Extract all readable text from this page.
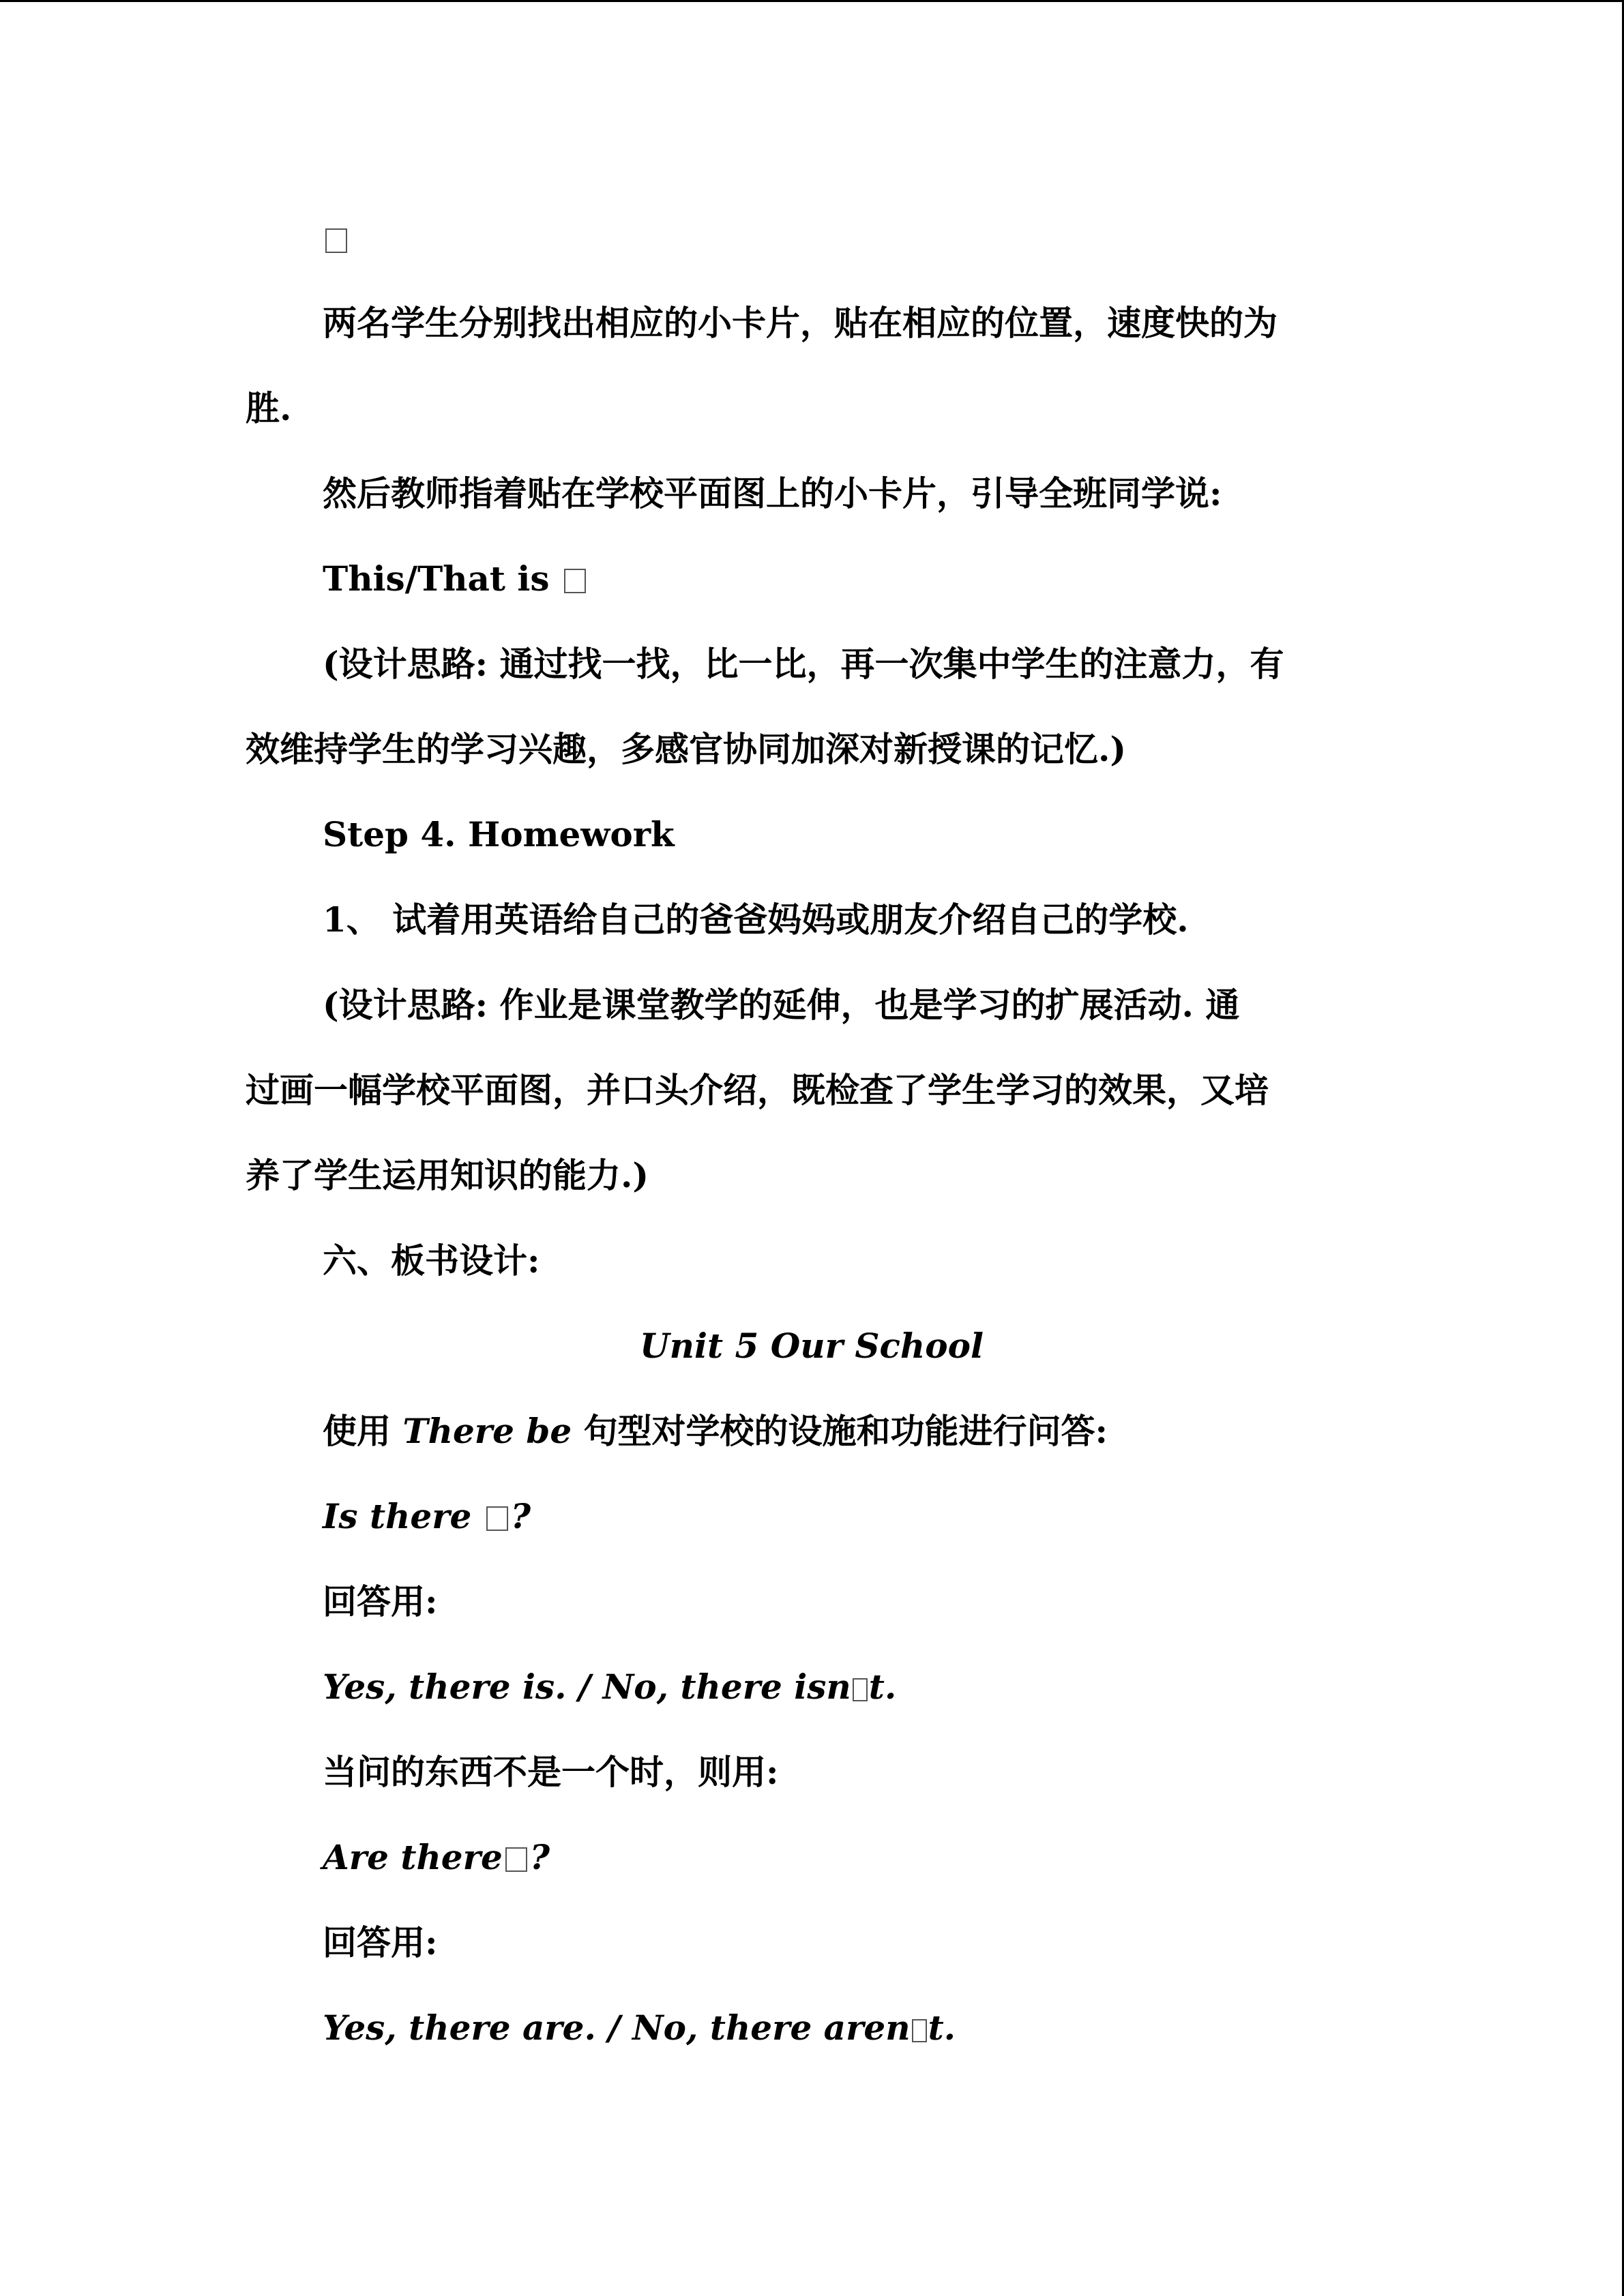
两名学生分别找出相应的小卡片，贴在相应的位置，速度快的为
胜.
然后教师指着贴在学校平面图上的小卡片，引导全班同学说:
This/That is
(设计思路: 通过找一找，比一比，再一次集中学生的注意力，有
效维持学生的学习兴趣，多感官协同加深对新授课的记忆.)
Step 4. Homework
1、 试着用英语给自己的爸爸妈妈或朋友介绍自己的学校.
(设计思路: 作业是课堂教学的延伸，也是学习的扩展活动. 通
过画一幅学校平面图，并口头介绍，既检查了学生学习的效果，又培
养了学生运用知识的能力.)
六、板书设计:
Unit 5 Our School
使用 There be 句型对学校的设施和功能进行问答:
Is there ?
回答用:
Yes, there is. / No, there isn t.
当问的东西不是一个时，则用:
Are there ?
回答用:
Yes, there are. / No, there aren t.
